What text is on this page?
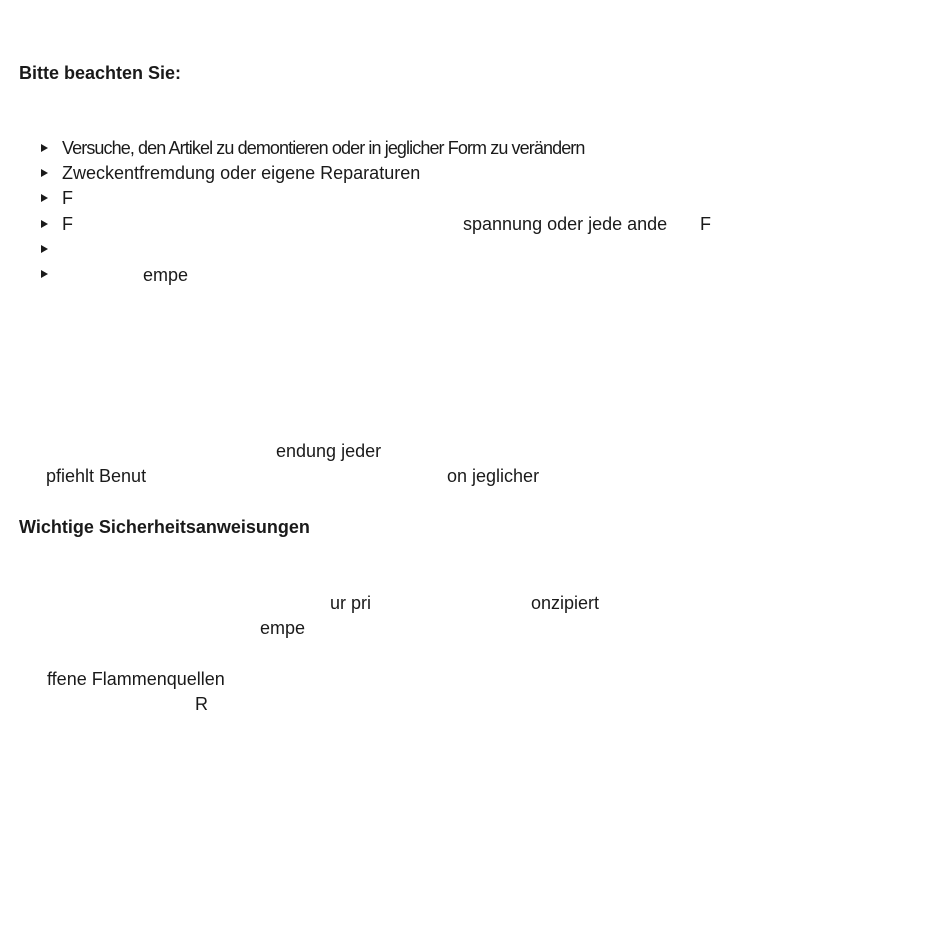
Bitte beachten Sie:
Versuche, den Artikel zu demontieren oder in jeglicher Form zu verändern
Zweckentfremdung oder eigene Reparaturen
F
F	spannung oder jede ande F
empe
endung jeder
pfiehlt Benut	on jeglicher
Wichtige Sicherheitsanweisungen
ur pri	onzipiert
empe
ffene Flammenquellen
R
